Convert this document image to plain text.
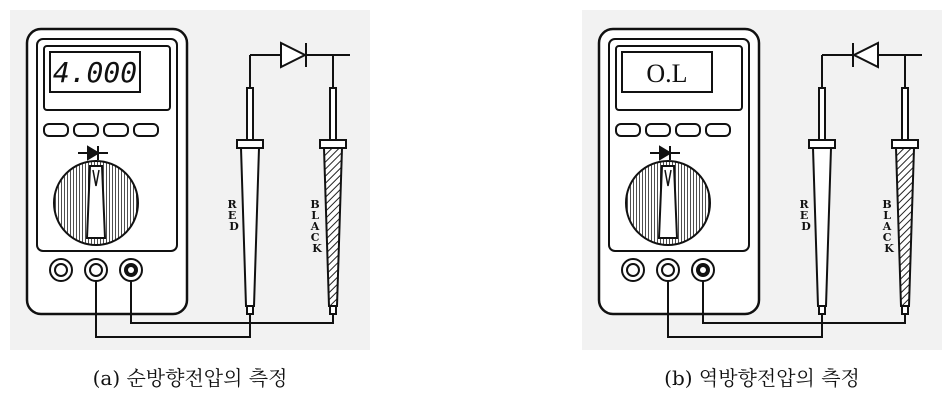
4.000
R E D
B L A C K
O.L
R E D
B L A C K
(a) 순방향전압의 측정	(b) 역방향전압의 측정
